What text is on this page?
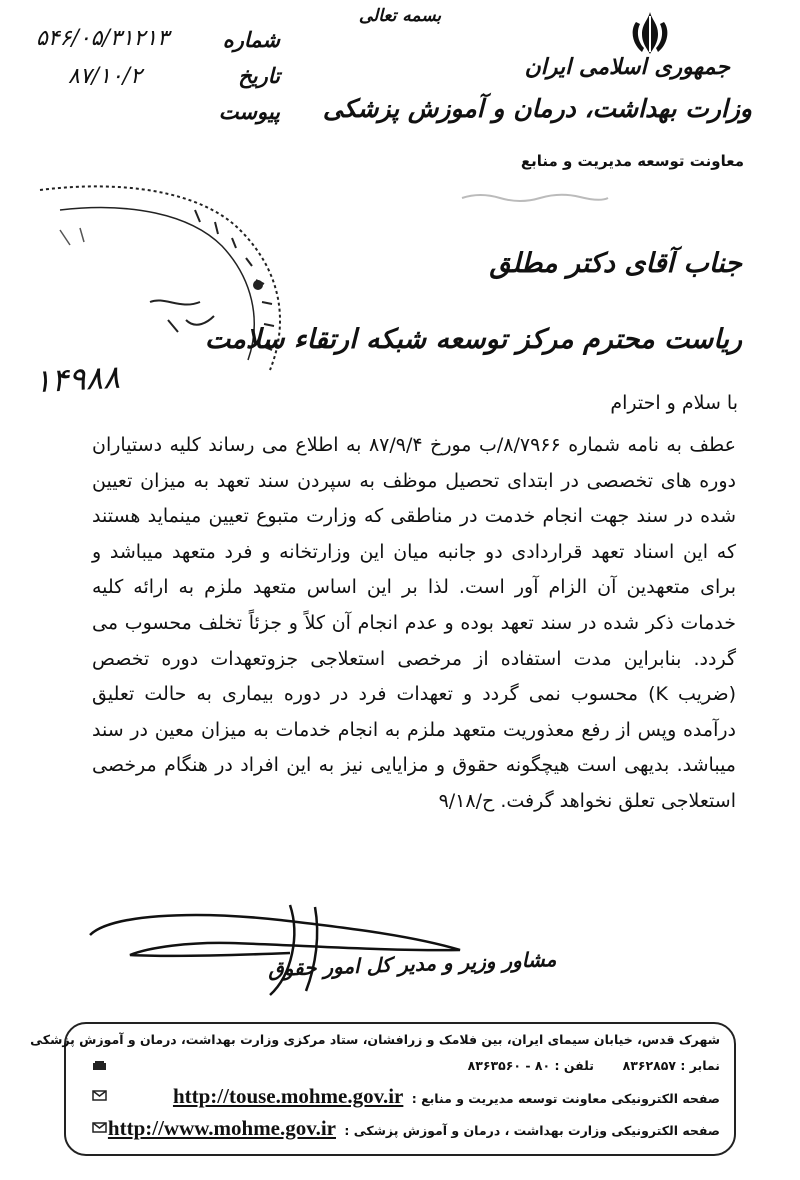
بسمه تعالی
جمهوری اسلامی ایران
وزارت بهداشت، درمان و آموزش پزشکی
معاونت توسعه مدیریت و منابع
شماره
۵۴۶/۰۵/۳۱۲۱۳
تاریخ
۸۷/۱۰/۲
پیوست
۱۴۹۸۸
جناب آقای دکتر مطلق
ریاست محترم مرکز توسعه شبکه ارتقاء سلامت
با سلام و احترام
عطف به نامه شماره ۸/۷۹۶۶/ب مورخ ۸۷/۹/۴ به اطلاع می رساند کلیه دستیاران دوره های تخصصی در ابتدای تحصیل موظف به سپردن سند تعهد به میزان تعیین شده در سند جهت انجام خدمت در مناطقی که وزارت متبوع تعیین مینماید هستند که این اسناد تعهد قراردادی دو جانبه میان این وزارتخانه و فرد متعهد میباشد و برای متعهدین آن الزام آور است. لذا بر این اساس متعهد ملزم به ارائه کلیه خدمات ذکر شده در سند تعهد بوده و عدم انجام آن کلاً و جزئاً تخلف محسوب می گردد. بنابراین مدت استفاده از مرخصی استعلاجی جزوتعهدات دوره تخصص (ضریب K) محسوب نمی گردد و تعهدات فرد در دوره بیماری به حالت تعلیق درآمده وپس از رفع معذوریت متعهد ملزم به انجام خدمات به میزان معین در سند میباشد. بدیهی است هیچگونه حقوق و مزایایی نیز به این افراد در هنگام مرخصی استعلاجی تعلق نخواهد گرفت. ح/۹/۱۸
مشاور وزیر و مدیر کل امور حقوق
شهرک قدس، خیابان سیمای ایران، بین فلامک و زرافشان، ستاد مرکزی وزارت بهداشت، درمان و آموزش پزشکی
نمابر : ۸۳۶۲۸۵۷  تلفن : ۸۰ - ۸۳۶۳۵۶۰
صفحه الکترونیکی معاونت توسعه مدیریت و منابع : http://touse.mohme.gov.ir
صفحه الکترونیکی وزارت بهداشت ، درمان و آموزش پزشکی : http://www.mohme.gov.ir
